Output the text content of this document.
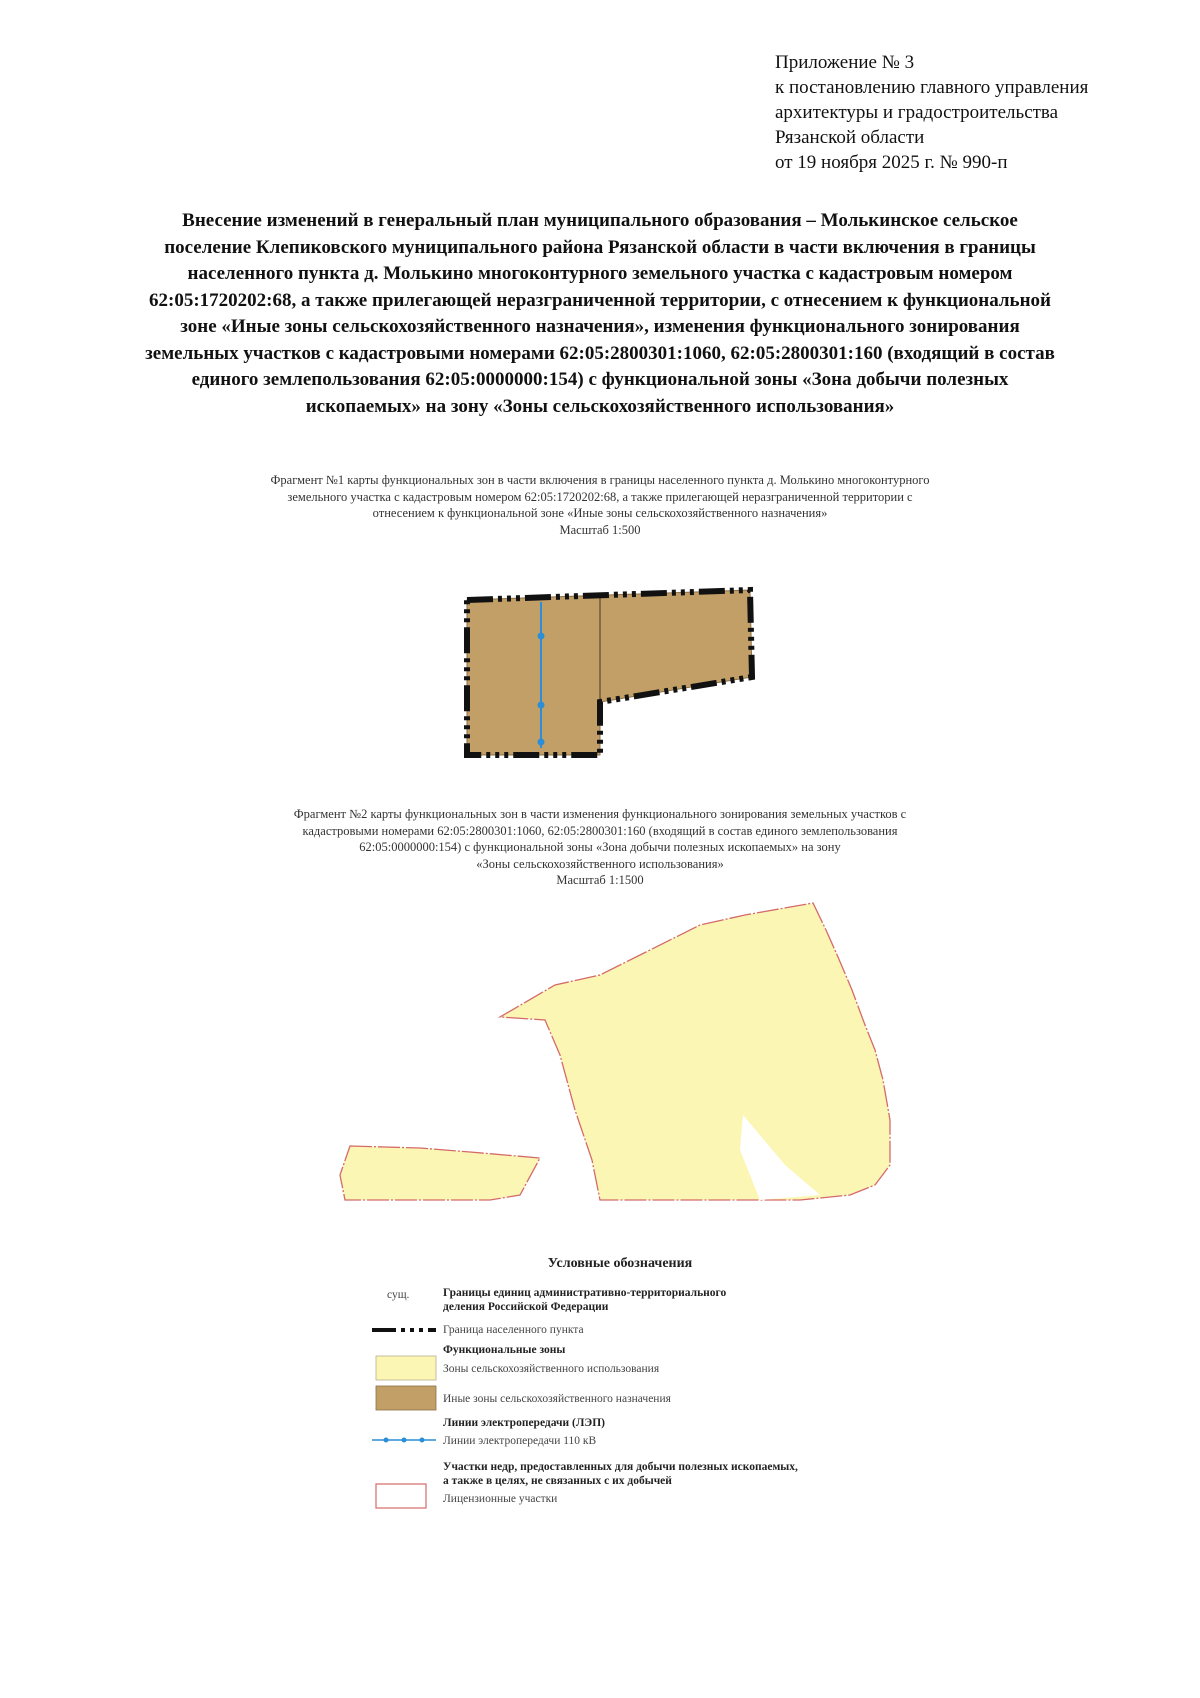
Приложение № 3
к постановлению главного управления
архитектуры и градостроительства
Рязанской области
от 19 ноября 2025 г. № 990-п
Внесение изменений в генеральный план муниципального образования – Молькинское сельское
поселение Клепиковского муниципального района Рязанской области в части включения в границы
населенного пункта д. Молькино многоконтурного земельного участка с кадастровым номером
62:05:1720202:68, а также прилегающей неразграниченной территории, с отнесением к функциональной
зоне «Иные зоны сельскохозяйственного назначения», изменения функционального зонирования
земельных участков с кадастровыми номерами 62:05:2800301:1060, 62:05:2800301:160 (входящий в состав
единого землепользования 62:05:0000000:154) с функциональной зоны «Зона добычи полезных
ископаемых» на зону «Зоны сельскохозяйственного использования»
Фрагмент №1 карты функциональных зон в части включения в границы населенного пункта д. Молькино многоконтурного
земельного участка с кадастровым номером 62:05:1720202:68, а также прилегающей неразграниченной территории с
отнесением к функциональной зоне «Иные зоны сельскохозяйственного назначения»
Масштаб 1:500
Фрагмент №2 карты функциональных зон в части изменения функционального зонирования земельных участков с
кадастровыми номерами 62:05:2800301:1060, 62:05:2800301:160 (входящий в состав единого землепользования
62:05:0000000:154) с функциональной зоны «Зона добычи полезных ископаемых» на зону
«Зоны сельскохозяйственного использования»
Масштаб 1:1500
Условные обозначения
сущ.	Границы единиц административно-территориального
деления Российской Федерации
Граница населенного пункта
Функциональные зоны
Зоны сельскохозяйственного использования
Иные зоны сельскохозяйственного назначения
Линии электропередачи (ЛЭП)
Линии электропередачи 110 кВ
Участки недр, предоставленных для добычи полезных ископаемых,
а также в целях, не связанных с их добычей
Лицензионные участки
